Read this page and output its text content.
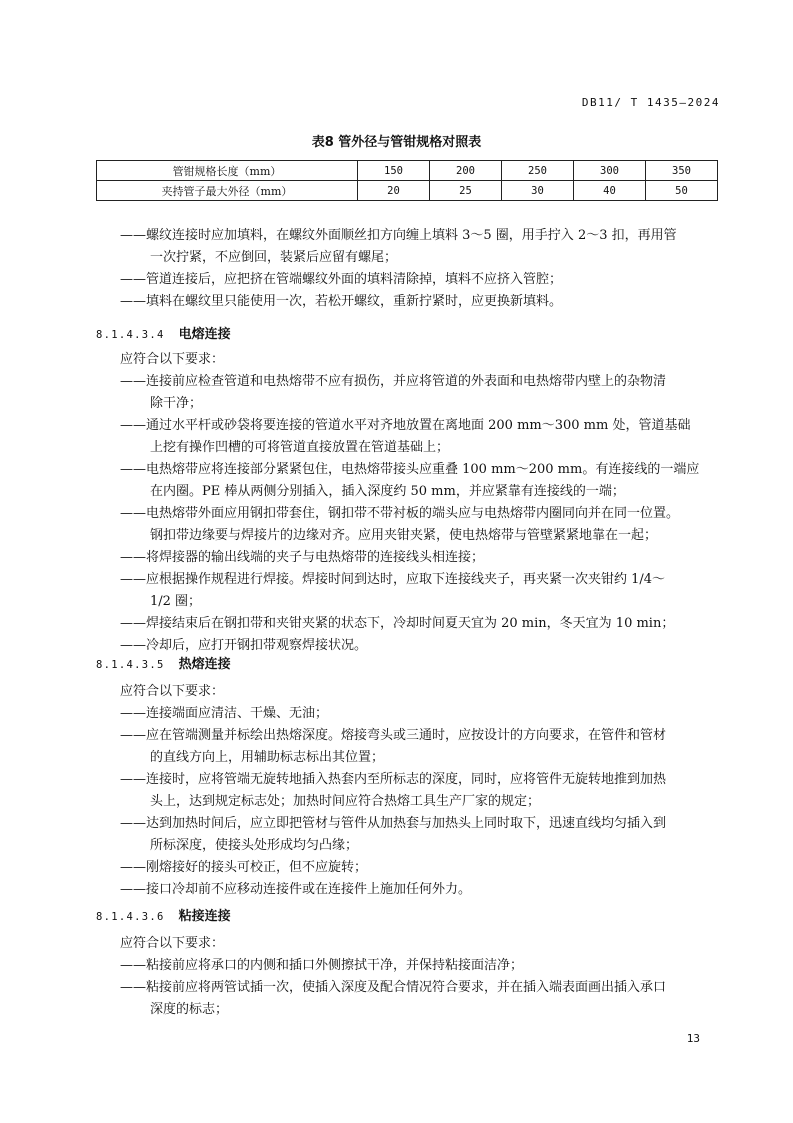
DB11/ T 1435—2024
表8 管外径与管钳规格对照表
管钳规格长度（mm）	150	200	250	300	350
夹持管子最大外径（mm）	20	25	30	40	50
——螺纹连接时应加填料，在螺纹外面顺丝扣方向缠上填料 3～5 圈，用手拧入 2～3 扣，再用管
一次拧紧，不应倒回，装紧后应留有螺尾；
——管道连接后，应把挤在管端螺纹外面的填料清除掉，填料不应挤入管腔；
——填料在螺纹里只能使用一次，若松开螺纹，重新拧紧时，应更换新填料。
8.1.4.3.4 电熔连接
应符合以下要求：
——连接前应检查管道和电热熔带不应有损伤，并应将管道的外表面和电热熔带内壁上的杂物清
除干净；
——通过水平杆或砂袋将要连接的管道水平对齐地放置在离地面 200 mm～300 mm 处，管道基础
上挖有操作凹槽的可将管道直接放置在管道基础上；
——电热熔带应将连接部分紧紧包住，电热熔带接头应重叠 100 mm～200 mm。有连接线的一端应
在内圈。PE 棒从两侧分别插入，插入深度约 50 mm，并应紧靠有连接线的一端；
——电热熔带外面应用钢扣带套住，钢扣带不带衬板的端头应与电热熔带内圈同向并在同一位置。
钢扣带边缘要与焊接片的边缘对齐。应用夹钳夹紧，使电热熔带与管壁紧紧地靠在一起；
——将焊接器的输出线端的夹子与电热熔带的连接线头相连接；
——应根据操作规程进行焊接。焊接时间到达时，应取下连接线夹子，再夹紧一次夹钳约 1/4～
1/2 圈；
——焊接结束后在钢扣带和夹钳夹紧的状态下，冷却时间夏天宜为 20 min，冬天宜为 10 min；
——冷却后，应打开钢扣带观察焊接状况。
8.1.4.3.5 热熔连接
应符合以下要求：
——连接端面应清洁、干燥、无油；
——应在管端测量并标绘出热熔深度。熔接弯头或三通时，应按设计的方向要求，在管件和管材
的直线方向上，用辅助标志标出其位置；
——连接时，应将管端无旋转地插入热套内至所标志的深度，同时，应将管件无旋转地推到加热
头上，达到规定标志处；加热时间应符合热熔工具生产厂家的规定；
——达到加热时间后，应立即把管材与管件从加热套与加热头上同时取下，迅速直线均匀插入到
所标深度，使接头处形成均匀凸缘；
——刚熔接好的接头可校正，但不应旋转；
——接口冷却前不应移动连接件或在连接件上施加任何外力。
8.1.4.3.6 粘接连接
应符合以下要求：
——粘接前应将承口的内侧和插口外侧擦拭干净，并保持粘接面洁净；
——粘接前应将两管试插一次，使插入深度及配合情况符合要求，并在插入端表面画出插入承口
深度的标志；
13
